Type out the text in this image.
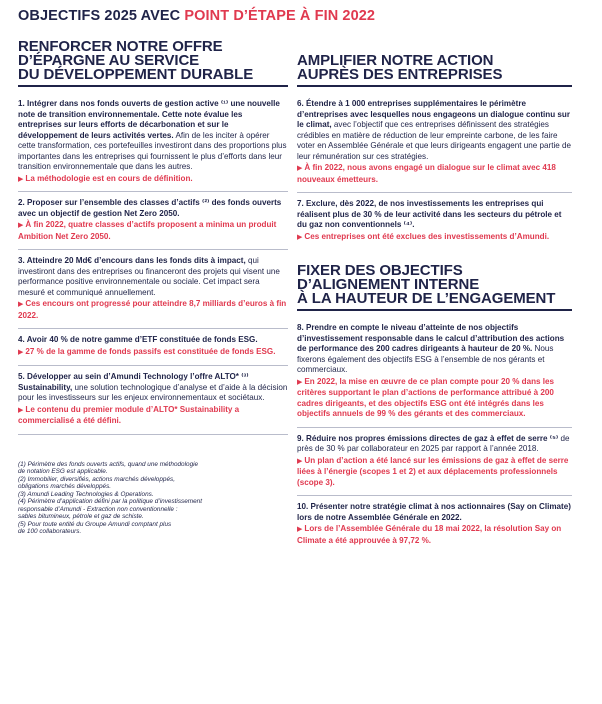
OBJECTIFS 2025 AVEC POINT D’ÉTAPE À FIN 2022
RENFORCER NOTRE OFFRE
D’ÉPARGNE AU SERVICE
DU DÉVELOPPEMENT DURABLE
1. Intégrer dans nos fonds ouverts de gestion active ⁽¹⁾ une nouvelle note de transition environnementale. Cette note évalue les entreprises sur leurs efforts de décarbonation et sur le développement de leurs activités vertes. Afin de les inciter à opérer cette transformation, ces portefeuilles investiront dans des proportions plus importantes dans les entreprises qui fournissent le plus d’efforts dans leur transition environnementale que dans les autres.
▶ La méthodologie est en cours de définition.
2. Proposer sur l’ensemble des classes d’actifs ⁽²⁾ des fonds ouverts avec un objectif de gestion Net Zero 2050.
▶ À fin 2022, quatre classes d’actifs proposent a minima un produit Ambition Net Zero 2050.
3. Atteindre 20 Md€ d’encours dans les fonds dits à impact, qui investiront dans des entreprises ou financeront des projets qui visent une performance positive environnementale ou sociale. Cet impact sera mesuré et communiqué annuellement.
▶ Ces encours ont progressé pour atteindre 8,7 milliards d’euros à fin 2022.
4. Avoir 40 % de notre gamme d’ETF constituée de fonds ESG.
▶ 27 % de la gamme de fonds passifs est constituée de fonds ESG.
5. Développer au sein d’Amundi Technology l’offre ALTO* ⁽³⁾ Sustainability, une solution technologique d’analyse et d’aide à la décision pour les investisseurs sur les enjeux environnementaux et sociétaux.
▶ Le contenu du premier module d’ALTO* Sustainability a commercialisé a été défini.
(1) Périmètre des fonds ouverts actifs, quand une méthodologie
de notation ESG est applicable.
(2) Immobilier, diversifiés, actions marchés développés,
obligations marchés développés.
(3) Amundi Leading Technologies & Operations.
(4) Périmètre d’application défini par la politique d’investissement
responsable d’Amundi - Extraction non conventionnelle :
sables bitumineux, pétrole et gaz de schiste.
(5) Pour toute entité du Groupe Amundi comptant plus
de 100 collaborateurs.
AMPLIFIER NOTRE ACTION
AUPRÈS DES ENTREPRISES
6. Étendre à 1 000 entreprises supplémentaires le périmètre d’entreprises avec lesquelles nous engageons un dialogue continu sur le climat, avec l’objectif que ces entreprises définissent des stratégies crédibles en matière de réduction de leur empreinte carbone, de les faire voter en Assemblée Générale et que leurs dirigeants engagent une partie de leur rémunération sur ces stratégies.
▶ À fin 2022, nous avons engagé un dialogue sur le climat avec 418 nouveaux émetteurs.
7. Exclure, dès 2022, de nos investissements les entreprises qui réalisent plus de 30 % de leur activité dans les secteurs du pétrole et du gaz non conventionnels ⁽⁴⁾.
▶ Ces entreprises ont été exclues des investissements d’Amundi.
FIXER DES OBJECTIFS
D’ALIGNEMENT INTERNE
À LA HAUTEUR DE L’ENGAGEMENT
8. Prendre en compte le niveau d’atteinte de nos objectifs d’investissement responsable dans le calcul d’attribution des actions de performance des 200 cadres dirigeants à hauteur de 20 %. Nous fixerons également des objectifs ESG à l’ensemble de nos gérants et commerciaux.
▶ En 2022, la mise en œuvre de ce plan compte pour 20 % dans les critères supportant le plan d’actions de performance attribué à 200 cadres dirigeants, et des objectifs ESG ont été intégrés dans les objectifs annuels de 99 % des gérants et des commerciaux.
9. Réduire nos propres émissions directes de gaz à effet de serre ⁽⁵⁾ de près de 30 % par collaborateur en 2025 par rapport à l’année 2018.
▶ Un plan d’action a été lancé sur les émissions de gaz à effet de serre liées à l’énergie (scopes 1 et 2) et aux déplacements professionnels (scope 3).
10. Présenter notre stratégie climat à nos actionnaires (Say on Climate) lors de notre Assemblée Générale en 2022.
▶ Lors de l’Assemblée Générale du 18 mai 2022, la résolution Say on Climate a été approuvée à 97,72 %.
